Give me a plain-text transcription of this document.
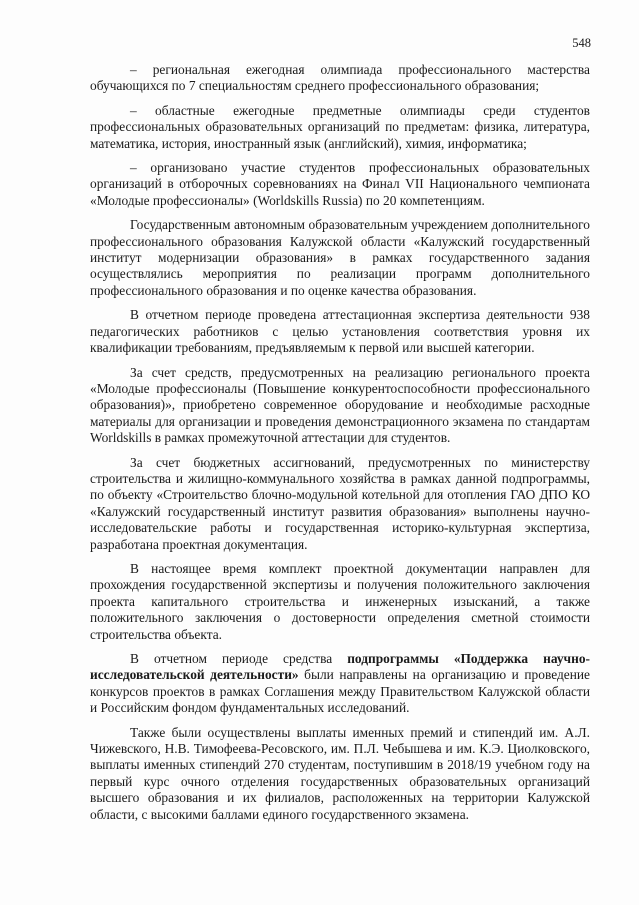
548

– региональная ежегодная олимпиада профессионального мастерства обучающихся по 7 специальностям среднего профессионального образования;

– областные ежегодные предметные олимпиады среди студентов профессиональных образовательных организаций по предметам: физика, литература, математика, история, иностранный язык (английский), химия, информатика;

– организовано участие студентов профессиональных образовательных организаций в отборочных соревнованиях на Финал VII Национального чемпионата «Молодые профессионалы» (Worldskills Russia) по 20 компетенциям.

Государственным автономным образовательным учреждением дополнительного профессионального образования Калужской области «Калужский государственный институт модернизации образования» в рамках государственного задания осуществлялись мероприятия по реализации программ дополнительного профессионального образования и по оценке качества образования.

В отчетном периоде проведена аттестационная экспертиза деятельности 938 педагогических работников с целью установления соответствия уровня их квалификации требованиям, предъявляемым к первой или высшей категории.

За счет средств, предусмотренных на реализацию регионального проекта «Молодые профессионалы (Повышение конкурентоспособности профессионального образования)», приобретено современное оборудование и необходимые расходные материалы для организации и проведения демонстрационного экзамена по стандартам Worldskills в рамках промежуточной аттестации для студентов.

За счет бюджетных ассигнований, предусмотренных по министерству строительства и жилищно-коммунального хозяйства в рамках данной подпрограммы, по объекту «Строительство блочно-модульной котельной для отопления ГАО ДПО КО «Калужский государственный институт развития образования» выполнены научно-исследовательские работы и государственная историко-культурная экспертиза, разработана проектная документация.

В настоящее время комплект проектной документации направлен для прохождения государственной экспертизы и получения положительного заключения проекта капитального строительства и инженерных изысканий, а также положительного заключения о достоверности определения сметной стоимости строительства объекта.

В отчетном периоде средства подпрограммы «Поддержка научно-исследовательской деятельности» были направлены на организацию и проведение конкурсов проектов в рамках Соглашения между Правительством Калужской области и Российским фондом фундаментальных исследований.

Также были осуществлены выплаты именных премий и стипендий им. А.Л. Чижевского, Н.В. Тимофеева-Ресовского, им. П.Л. Чебышева и им. К.Э. Циолковского, выплаты именных стипендий 270 студентам, поступившим в 2018/19 учебном году на первый курс очного отделения государственных образовательных организаций высшего образования и их филиалов, расположенных на территории Калужской области, с высокими баллами единого государственного экзамена.
